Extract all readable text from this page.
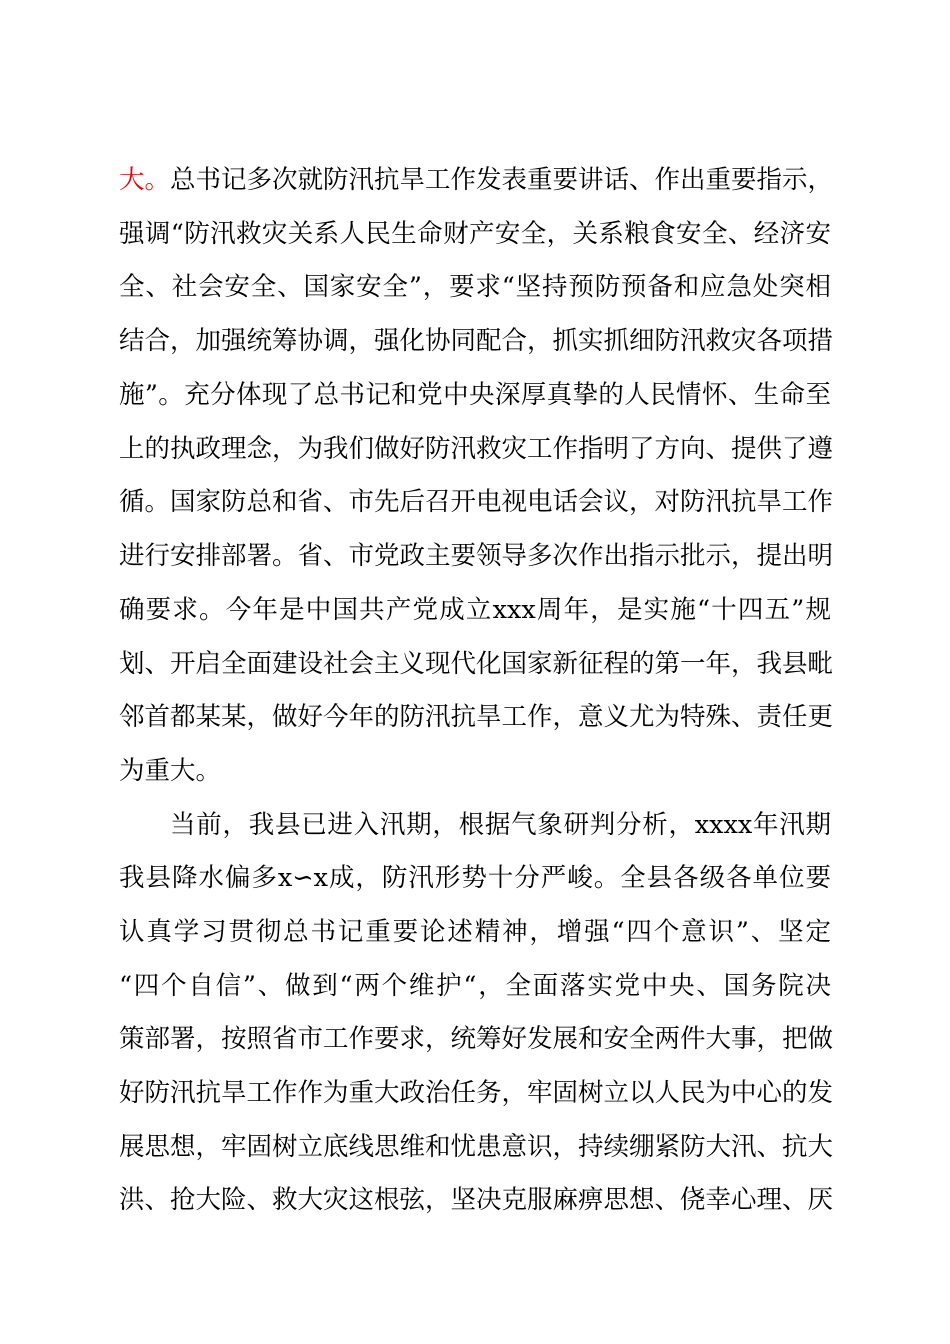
大。总书记多次就防汛抗旱工作发表重要讲话、作出重要指示，
强调“防汛救灾关系人民生命财产安全，关系粮食安全、经济安
全、社会安全、国家安全”，要求“坚持预防预备和应急处突相
结合，加强统筹协调，强化协同配合，抓实抓细防汛救灾各项措
施”。充分体现了总书记和党中央深厚真挚的人民情怀、生命至
上的执政理念，为我们做好防汛救灾工作指明了方向、提供了遵
循。国家防总和省、市先后召开电视电话会议，对防汛抗旱工作
进行安排部署。省、市党政主要领导多次作出指示批示，提出明
确要求。今年是中国共产党成立xxx周年，是实施“十四五”规
划、开启全面建设社会主义现代化国家新征程的第一年，我县毗
邻首都某某，做好今年的防汛抗旱工作，意义尤为特殊、责任更
为重大。
当前，我县已进入汛期，根据气象研判分析，xxxx年汛期
我县降水偏多x∽x成，防汛形势十分严峻。全县各级各单位要
认真学习贯彻总书记重要论述精神，增强“四个意识”、坚定
“四个自信”、做到“两个维护“，全面落实党中央、国务院决
策部署，按照省市工作要求，统筹好发展和安全两件大事，把做
好防汛抗旱工作作为重大政治任务，牢固树立以人民为中心的发
展思想，牢固树立底线思维和忧患意识，持续绷紧防大汛、抗大
洪、抢大险、救大灾这根弦，坚决克服麻痹思想、侥幸心理、厌
